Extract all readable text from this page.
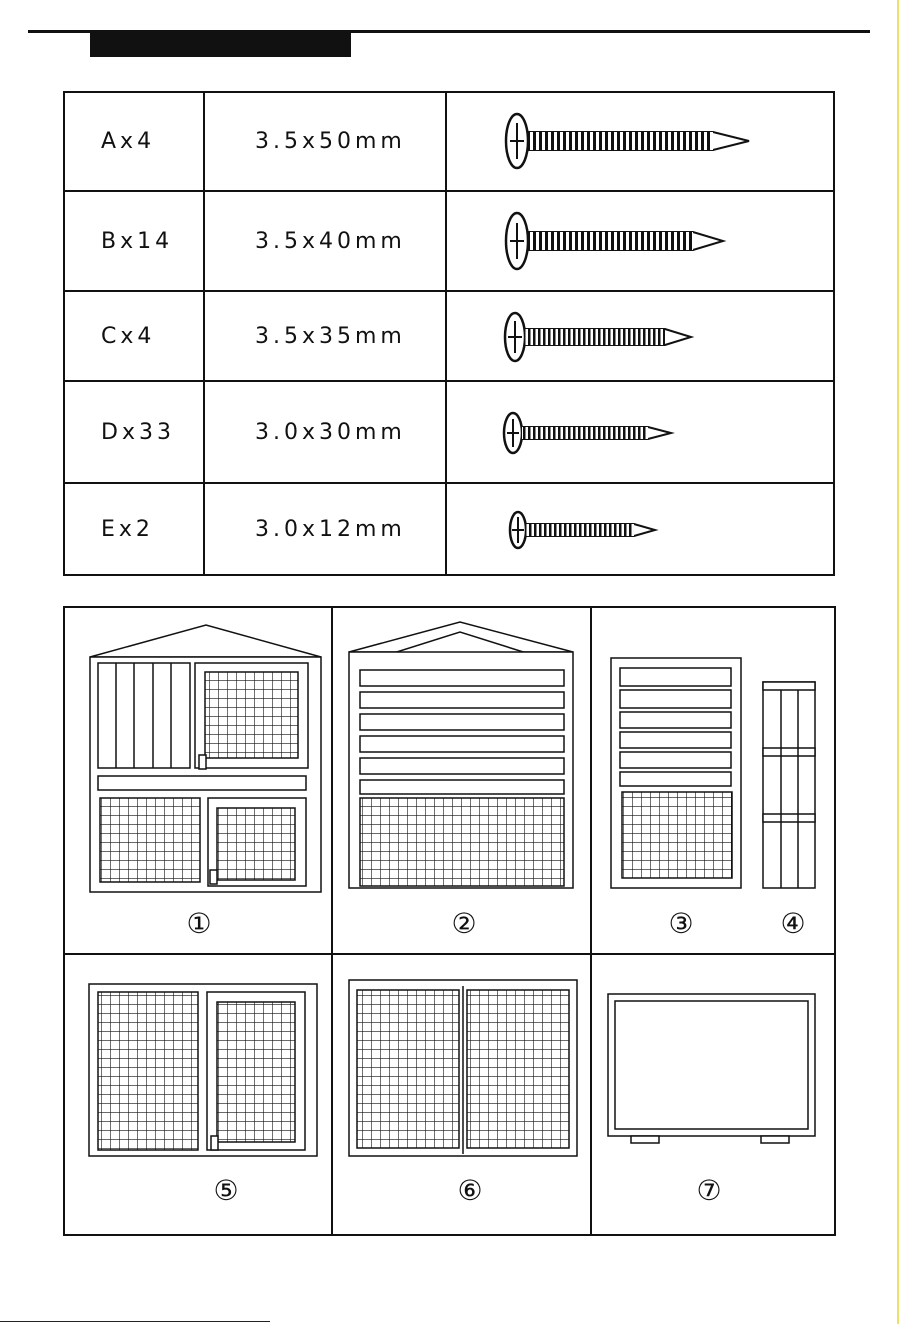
Ax4	3.5x50mm
Bx14	3.5x40mm
Cx4	3.5x35mm
Dx33	3.0x30mm
Ex2	3.0x12mm
①	②	③	④
⑤	⑥	⑦
